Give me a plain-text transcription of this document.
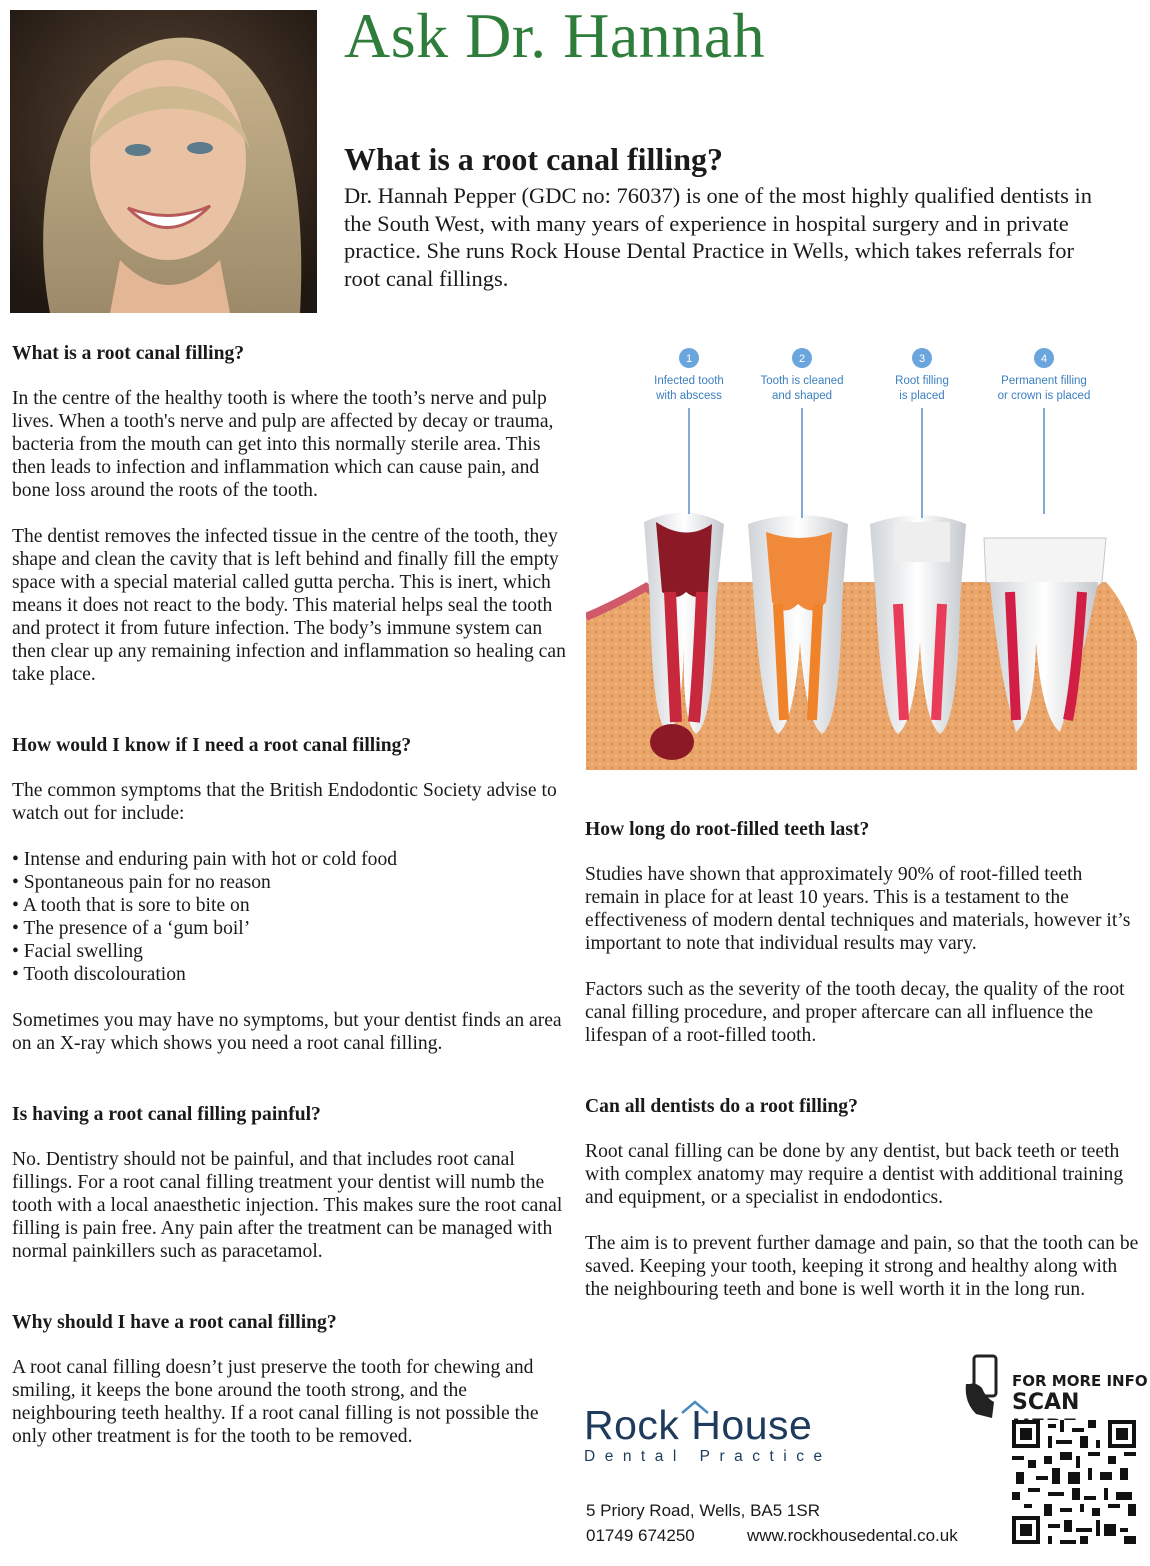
Ask Dr. Hannah
What is a root canal filling?

Dr. Hannah Pepper (GDC no: 76037) is one of the most highly qualified dentists in the South West, with many years of experience in hospital surgery and in private practice. She runs Rock House Dental Practice in Wells, which takes referrals for root canal fillings.

What is a root canal filling?

In the centre of the healthy tooth is where the tooth’s nerve and pulp lives. When a tooth's nerve and pulp are affected by decay or trauma, bacteria from the mouth can get into this normally sterile area. This then leads to infection and inflammation which can cause pain, and bone loss around the roots of the tooth.

The dentist removes the infected tissue in the centre of the tooth, they shape and clean the cavity that is left behind and finally fill the empty space with a special material called gutta percha. This is inert, which means it does not react to the body. This material helps seal the tooth and protect it from future infection. The body’s immune system can then clear up any remaining infection and inflammation so healing can take place.

How would I know if I need a root canal filling?

The common symptoms that the British Endodontic Society advise to watch out for include:

• Intense and enduring pain with hot or cold food
• Spontaneous pain for no reason
• A tooth that is sore to bite on
• The presence of a ‘gum boil’
• Facial swelling
• Tooth discolouration

Sometimes you may have no symptoms, but your dentist finds an area on an X-ray which shows you need a root canal filling.

Is having a root canal filling painful?

No. Dentistry should not be painful, and that includes root canal fillings. For a root canal filling treatment your dentist will numb the tooth with a local anaesthetic injection. This makes sure the root canal filling is pain free. Any pain after the treatment can be managed with normal painkillers such as paracetamol.

Why should I have a root canal filling?

A root canal filling doesn’t just preserve the tooth for chewing and smiling, it keeps the bone around the tooth strong, and the neighbouring teeth healthy. If a root canal filling is not possible the only other treatment is for the tooth to be removed.

1
Infected tooth
with abscess
2
Tooth is cleaned
and shaped
3
Root filling
is placed
4
Permanent filling
or crown is placed
How long do root-filled teeth last?

Studies have shown that approximately 90% of root-filled teeth remain in place for at least 10 years. This is a testament to the effectiveness of modern dental techniques and materials, however it’s important to note that individual results may vary.

Factors such as the severity of the tooth decay, the quality of the root canal filling procedure, and proper aftercare can all influence the lifespan of a root-filled tooth.

Can all dentists do a root filling?

Root canal filling can be done by any dentist, but back teeth or teeth with complex anatomy may require a dentist with additional training and equipment, or a specialist in endodontics.

The aim is to prevent further damage and pain, so that the tooth can be saved. Keeping your tooth, keeping it strong and healthy along with the neighbouring teeth and bone is well worth it in the long run.

Rock House
Dental Practice
5 Priory Road, Wells, BA5 1SR
01749 674250	www.rockhousedental.co.uk
FOR MORE INFO
SCAN
